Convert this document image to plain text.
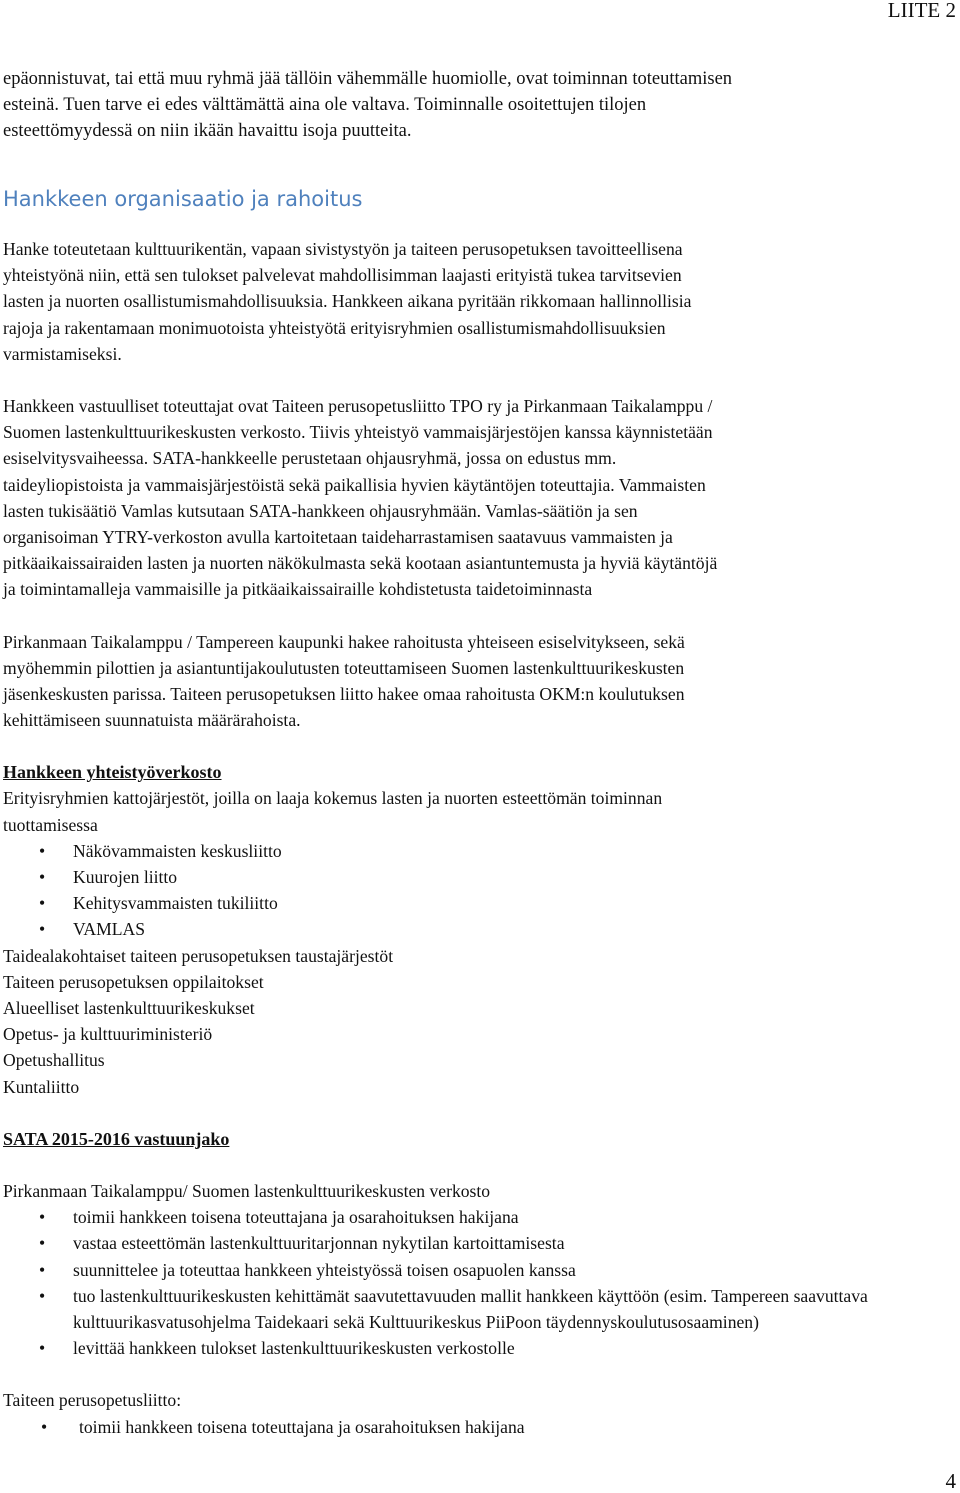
LIITE 2
epäonnistuvat, tai että muu ryhmä jää tällöin vähemmälle huomiolle, ovat toiminnan toteuttamisen
esteinä. Tuen tarve ei edes välttämättä aina ole valtava. Toiminnalle osoitettujen tilojen
esteettömyydessä on niin ikään havaittu isoja puutteita.
Hankkeen organisaatio ja rahoitus
Hanke toteutetaan kulttuurikentän, vapaan sivistystyön ja taiteen perusopetuksen tavoitteellisena
yhteistyönä niin, että sen tulokset palvelevat mahdollisimman laajasti erityistä tukea tarvitsevien
lasten ja nuorten osallistumismahdollisuuksia. Hankkeen aikana pyritään rikkomaan hallinnollisia
rajoja ja rakentamaan monimuotoista yhteistyötä erityisryhmien osallistumismahdollisuuksien
varmistamiseksi.
Hankkeen vastuulliset toteuttajat ovat Taiteen perusopetusliitto TPO ry ja Pirkanmaan Taikalamppu /
Suomen lastenkulttuurikeskusten verkosto. Tiivis yhteistyö vammaisjärjestöjen kanssa käynnistetään
esiselvitysvaiheessa. SATA-hankkeelle perustetaan ohjausryhmä, jossa on edustus mm.
taideyliopistoista ja vammaisjärjestöistä sekä paikallisia hyvien käytäntöjen toteuttajia. Vammaisten
lasten tukisäätiö Vamlas kutsutaan SATA-hankkeen ohjausryhmään. Vamlas-säätiön ja sen
organisoiman YTRY-verkoston avulla kartoitetaan taideharrastamisen saatavuus vammaisten ja
pitkäaikaissairaiden lasten ja nuorten näkökulmasta sekä kootaan asiantuntemusta ja hyviä käytäntöjä
ja toimintamalleja vammaisille ja pitkäaikaissairaille kohdistetusta taidetoiminnasta
Pirkanmaan Taikalamppu / Tampereen kaupunki hakee rahoitusta yhteiseen esiselvitykseen, sekä
myöhemmin pilottien ja asiantuntijakoulutusten toteuttamiseen Suomen lastenkulttuurikeskusten
jäsenkeskusten parissa. Taiteen perusopetuksen liitto hakee omaa rahoitusta OKM:n koulutuksen
kehittämiseen suunnatuista määrärahoista.
Hankkeen yhteistyöverkosto
Erityisryhmien kattojärjestöt, joilla on laaja kokemus lasten ja nuorten esteettömän toiminnan
tuottamisessa
• Näkövammaisten keskusliitto
• Kuurojen liitto
• Kehitysvammaisten tukiliitto
• VAMLAS
Taidealakohtaiset taiteen perusopetuksen taustajärjestöt
Taiteen perusopetuksen oppilaitokset
Alueelliset lastenkulttuurikeskukset
Opetus- ja kulttuuriministeriö
Opetushallitus
Kuntaliitto
SATA 2015-2016 vastuunjako
Pirkanmaan Taikalamppu/ Suomen lastenkulttuurikeskusten verkosto
• toimii hankkeen toisena toteuttajana ja osarahoituksen hakijana
• vastaa esteettömän lastenkulttuuritarjonnan nykytilan kartoittamisesta
• suunnittelee ja toteuttaa hankkeen yhteistyössä toisen osapuolen kanssa
• tuo lastenkulttuurikeskusten kehittämät saavutettavuuden mallit hankkeen käyttöön (esim. Tampereen saavuttava kulttuurikasvatusohjelma Taidekaari sekä Kulttuurikeskus PiiPoon täydennyskoulutusosaaminen)
• levittää hankkeen tulokset lastenkulttuurikeskusten verkostolle
Taiteen perusopetusliitto:
• toimii hankkeen toisena toteuttajana ja osarahoituksen hakijana
4
